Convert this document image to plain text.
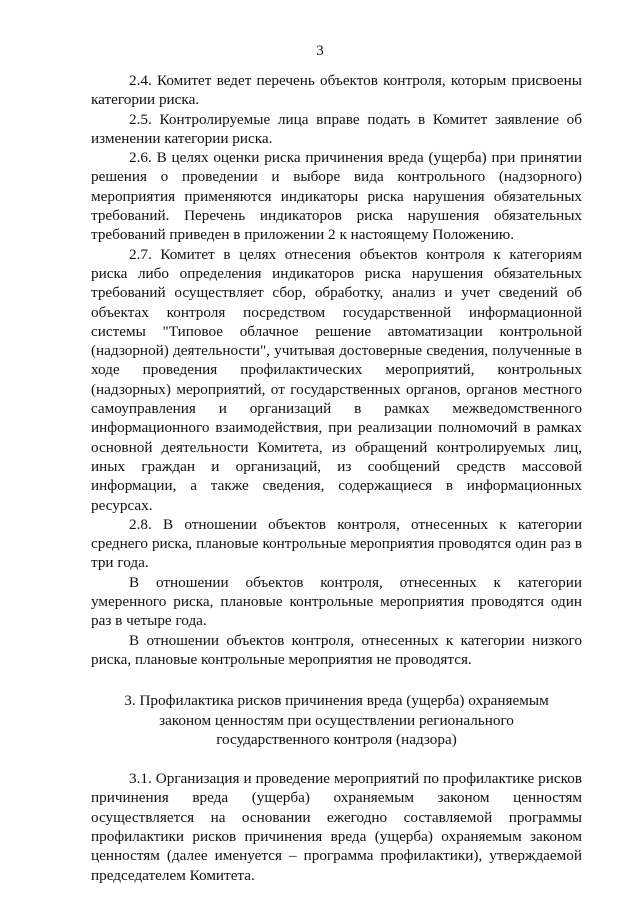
3

2.4. Комитет ведет перечень объектов контроля, которым присвоены категории риска.

2.5. Контролируемые лица вправе подать в Комитет заявление об изменении категории риска.

2.6. В целях оценки риска причинения вреда (ущерба) при принятии решения о проведении и выборе вида контрольного (надзорного) мероприятия применяются индикаторы риска нарушения обязательных требований. Перечень индикаторов риска нарушения обязательных требований приведен в приложении 2 к настоящему Положению.

2.7. Комитет в целях отнесения объектов контроля к категориям риска либо определения индикаторов риска нарушения обязательных требований осуществляет сбор, обработку, анализ и учет сведений об объектах контроля посредством государственной информационной системы "Типовое облачное решение автоматизации контрольной (надзорной) деятельности", учитывая достоверные сведения, полученные в ходе проведения профилактических мероприятий, контрольных (надзорных) мероприятий, от государственных органов, органов местного самоуправления и организаций в рамках межведомственного информационного взаимодействия, при реализации полномочий в рамках основной деятельности Комитета, из обращений контролируемых лиц, иных граждан и организаций, из сообщений средств массовой информации, а также сведения, содержащиеся в информационных ресурсах.

2.8. В отношении объектов контроля, отнесенных к категории среднего риска, плановые контрольные мероприятия проводятся один раз в три года.

В отношении объектов контроля, отнесенных к категории умеренного риска, плановые контрольные мероприятия проводятся один раз в четыре года.

В отношении объектов контроля, отнесенных к категории низкого риска, плановые контрольные мероприятия не проводятся.

3. Профилактика рисков причинения вреда (ущерба) охраняемым
законом ценностям при осуществлении регионального
государственного контроля (надзора)

3.1. Организация и проведение мероприятий по профилактике рисков причинения вреда (ущерба) охраняемым законом ценностям осуществляется на основании ежегодно составляемой программы профилактики рисков причинения вреда (ущерба) охраняемым законом ценностям (далее именуется – программа профилактики), утверждаемой председателем Комитета.
